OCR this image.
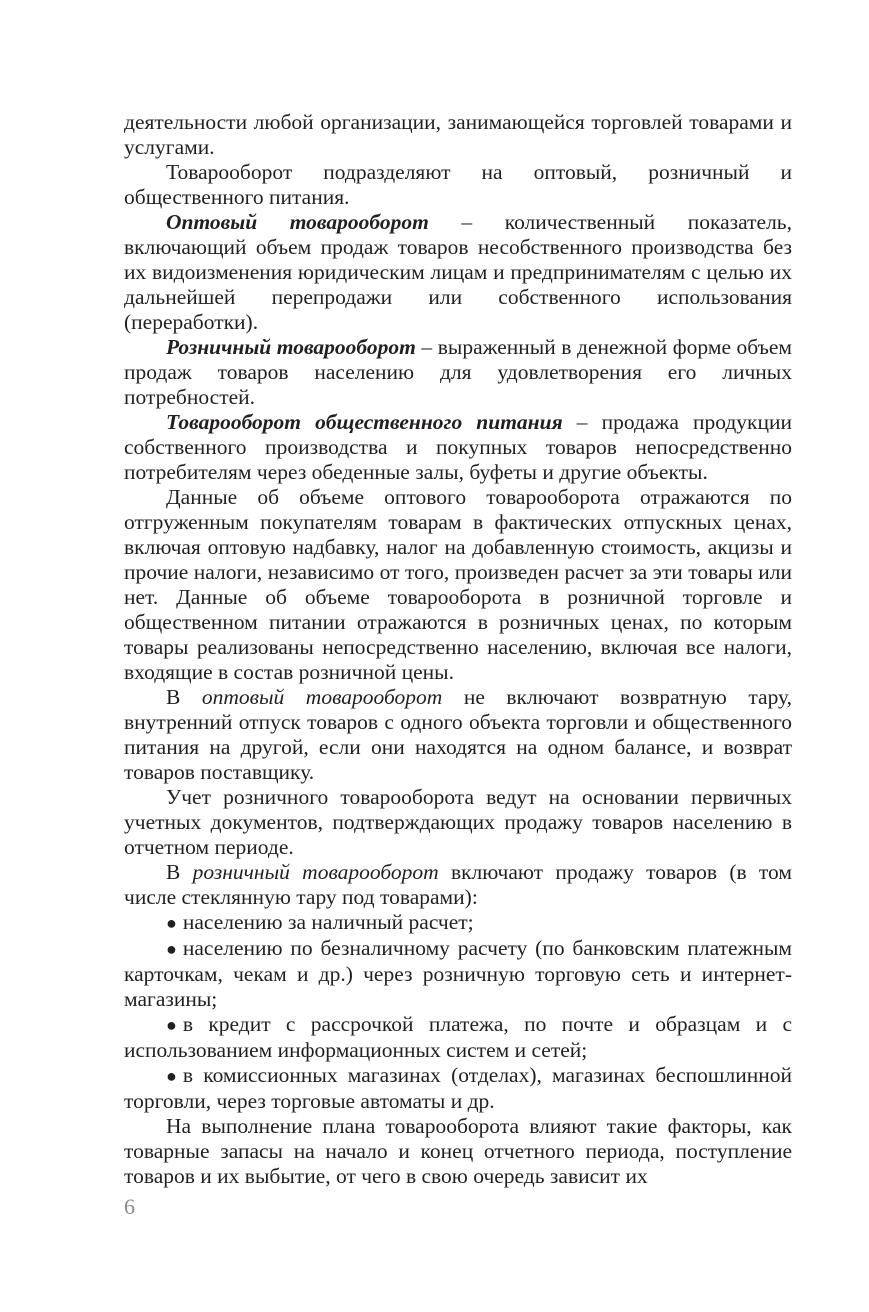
деятельности любой организации, занимающейся торговлей товарами и услугами.

Товарооборот подразделяют на оптовый, розничный и общественного питания.

Оптовый товарооборот – количественный показатель, включающий объем продаж товаров несобственного производства без их видоизменения юридическим лицам и предпринимателям с целью их дальнейшей перепродажи или собственного использования (переработки).

Розничный товарооборот – выраженный в денежной форме объем продаж товаров населению для удовлетворения его личных потребностей.

Товарооборот общественного питания – продажа продукции собственного производства и покупных товаров непосредственно потребителям через обеденные залы, буфеты и другие объекты.

Данные об объеме оптового товарооборота отражаются по отгруженным покупателям товарам в фактических отпускных ценах, включая оптовую надбавку, налог на добавленную стоимость, акцизы и прочие налоги, независимо от того, произведен расчет за эти товары или нет. Данные об объеме товарооборота в розничной торговле и общественном питании отражаются в розничных ценах, по которым товары реализованы непосредственно населению, включая все налоги, входящие в состав розничной цены.

В оптовый товарооборот не включают возвратную тару, внутренний отпуск товаров с одного объекта торговли и общественного питания на другой, если они находятся на одном балансе, и возврат товаров поставщику.

Учет розничного товарооборота ведут на основании первичных учетных документов, подтверждающих продажу товаров населению в отчетном периоде.

В розничный товарооборот включают продажу товаров (в том числе стеклянную тару под товарами):

● населению за наличный расчет;

● населению по безналичному расчету (по банковским платежным карточкам, чекам и др.) через розничную торговую сеть и интернет-магазины;

● в кредит с рассрочкой платежа, по почте и образцам и с использованием информационных систем и сетей;

● в комиссионных магазинах (отделах), магазинах беспошлинной торговли, через торговые автоматы и др.

На выполнение плана товарооборота влияют такие факторы, как товарные запасы на начало и конец отчетного периода, поступление товаров и их выбытие, от чего в свою очередь зависит их

6
